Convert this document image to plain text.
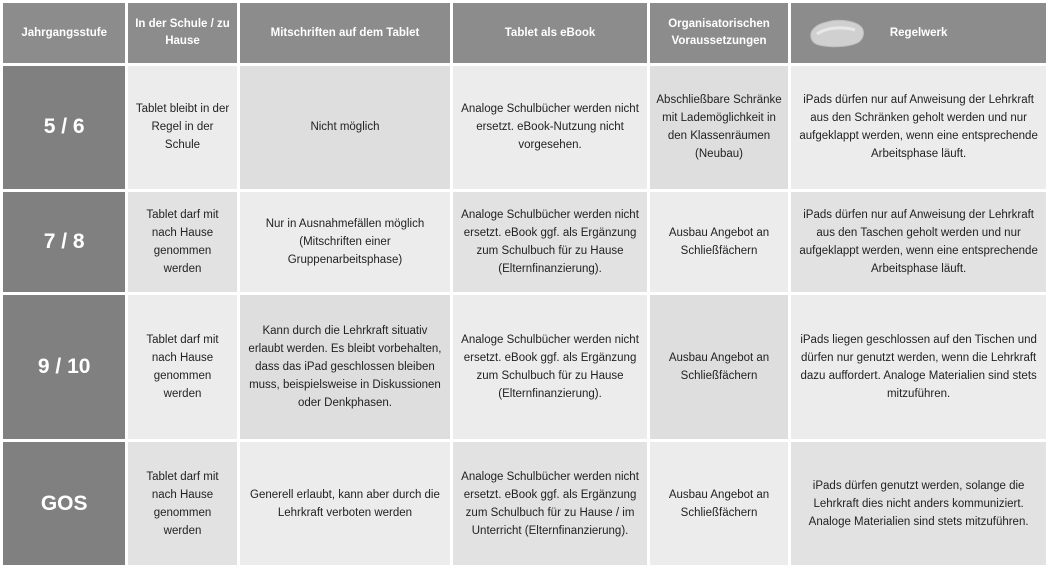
Jahrgangsstufe	In der Schule / zu Hause	Mitschriften auf dem Tablet	Tablet als eBook	Organisatorischen Voraussetzungen	Regelwerk

5 / 6	Tablet bleibt in der Regel in der Schule	Nicht möglich	Analoge Schulbücher werden nicht ersetzt. eBook-Nutzung nicht vorgesehen.	Abschließbare Schränke mit Lademöglichkeit in den Klassenräumen (Neubau)	iPads dürfen nur auf Anweisung der Lehrkraft aus den Schränken geholt werden und nur aufgeklappt werden, wenn eine entsprechende Arbeitsphase läuft.
7 / 8	Tablet darf mit nach Hause genommen werden	Nur in Ausnahmefällen möglich (Mitschriften einer Gruppenarbeitsphase)	Analoge Schulbücher werden nicht ersetzt. eBook ggf. als Ergänzung zum Schulbuch für zu Hause (Elternfinanzierung).	Ausbau Angebot an Schließfächern	iPads dürfen nur auf Anweisung der Lehrkraft aus den Taschen geholt werden und nur aufgeklappt werden, wenn eine entsprechende Arbeitsphase läuft.
9 / 10	Tablet darf mit nach Hause genommen werden	Kann durch die Lehrkraft situativ erlaubt werden. Es bleibt vorbehalten, dass das iPad geschlossen bleiben muss, beispielsweise in Diskussionen oder Denkphasen.	Analoge Schulbücher werden nicht ersetzt. eBook ggf. als Ergänzung zum Schulbuch für zu Hause (Elternfinanzierung).	Ausbau Angebot an Schließfächern	iPads liegen geschlossen auf den Tischen und dürfen nur genutzt werden, wenn die Lehrkraft dazu auffordert. Analoge Materialien sind stets mitzuführen.
GOS	Tablet darf mit nach Hause genommen werden	Generell erlaubt, kann aber durch die Lehrkraft verboten werden	Analoge Schulbücher werden nicht ersetzt. eBook ggf. als Ergänzung zum Schulbuch für zu Hause / im Unterricht (Elternfinanzierung).	Ausbau Angebot an Schließfächern	iPads dürfen genutzt werden, solange die Lehrkraft dies nicht anders kommuniziert. Analoge Materialien sind stets mitzuführen.
